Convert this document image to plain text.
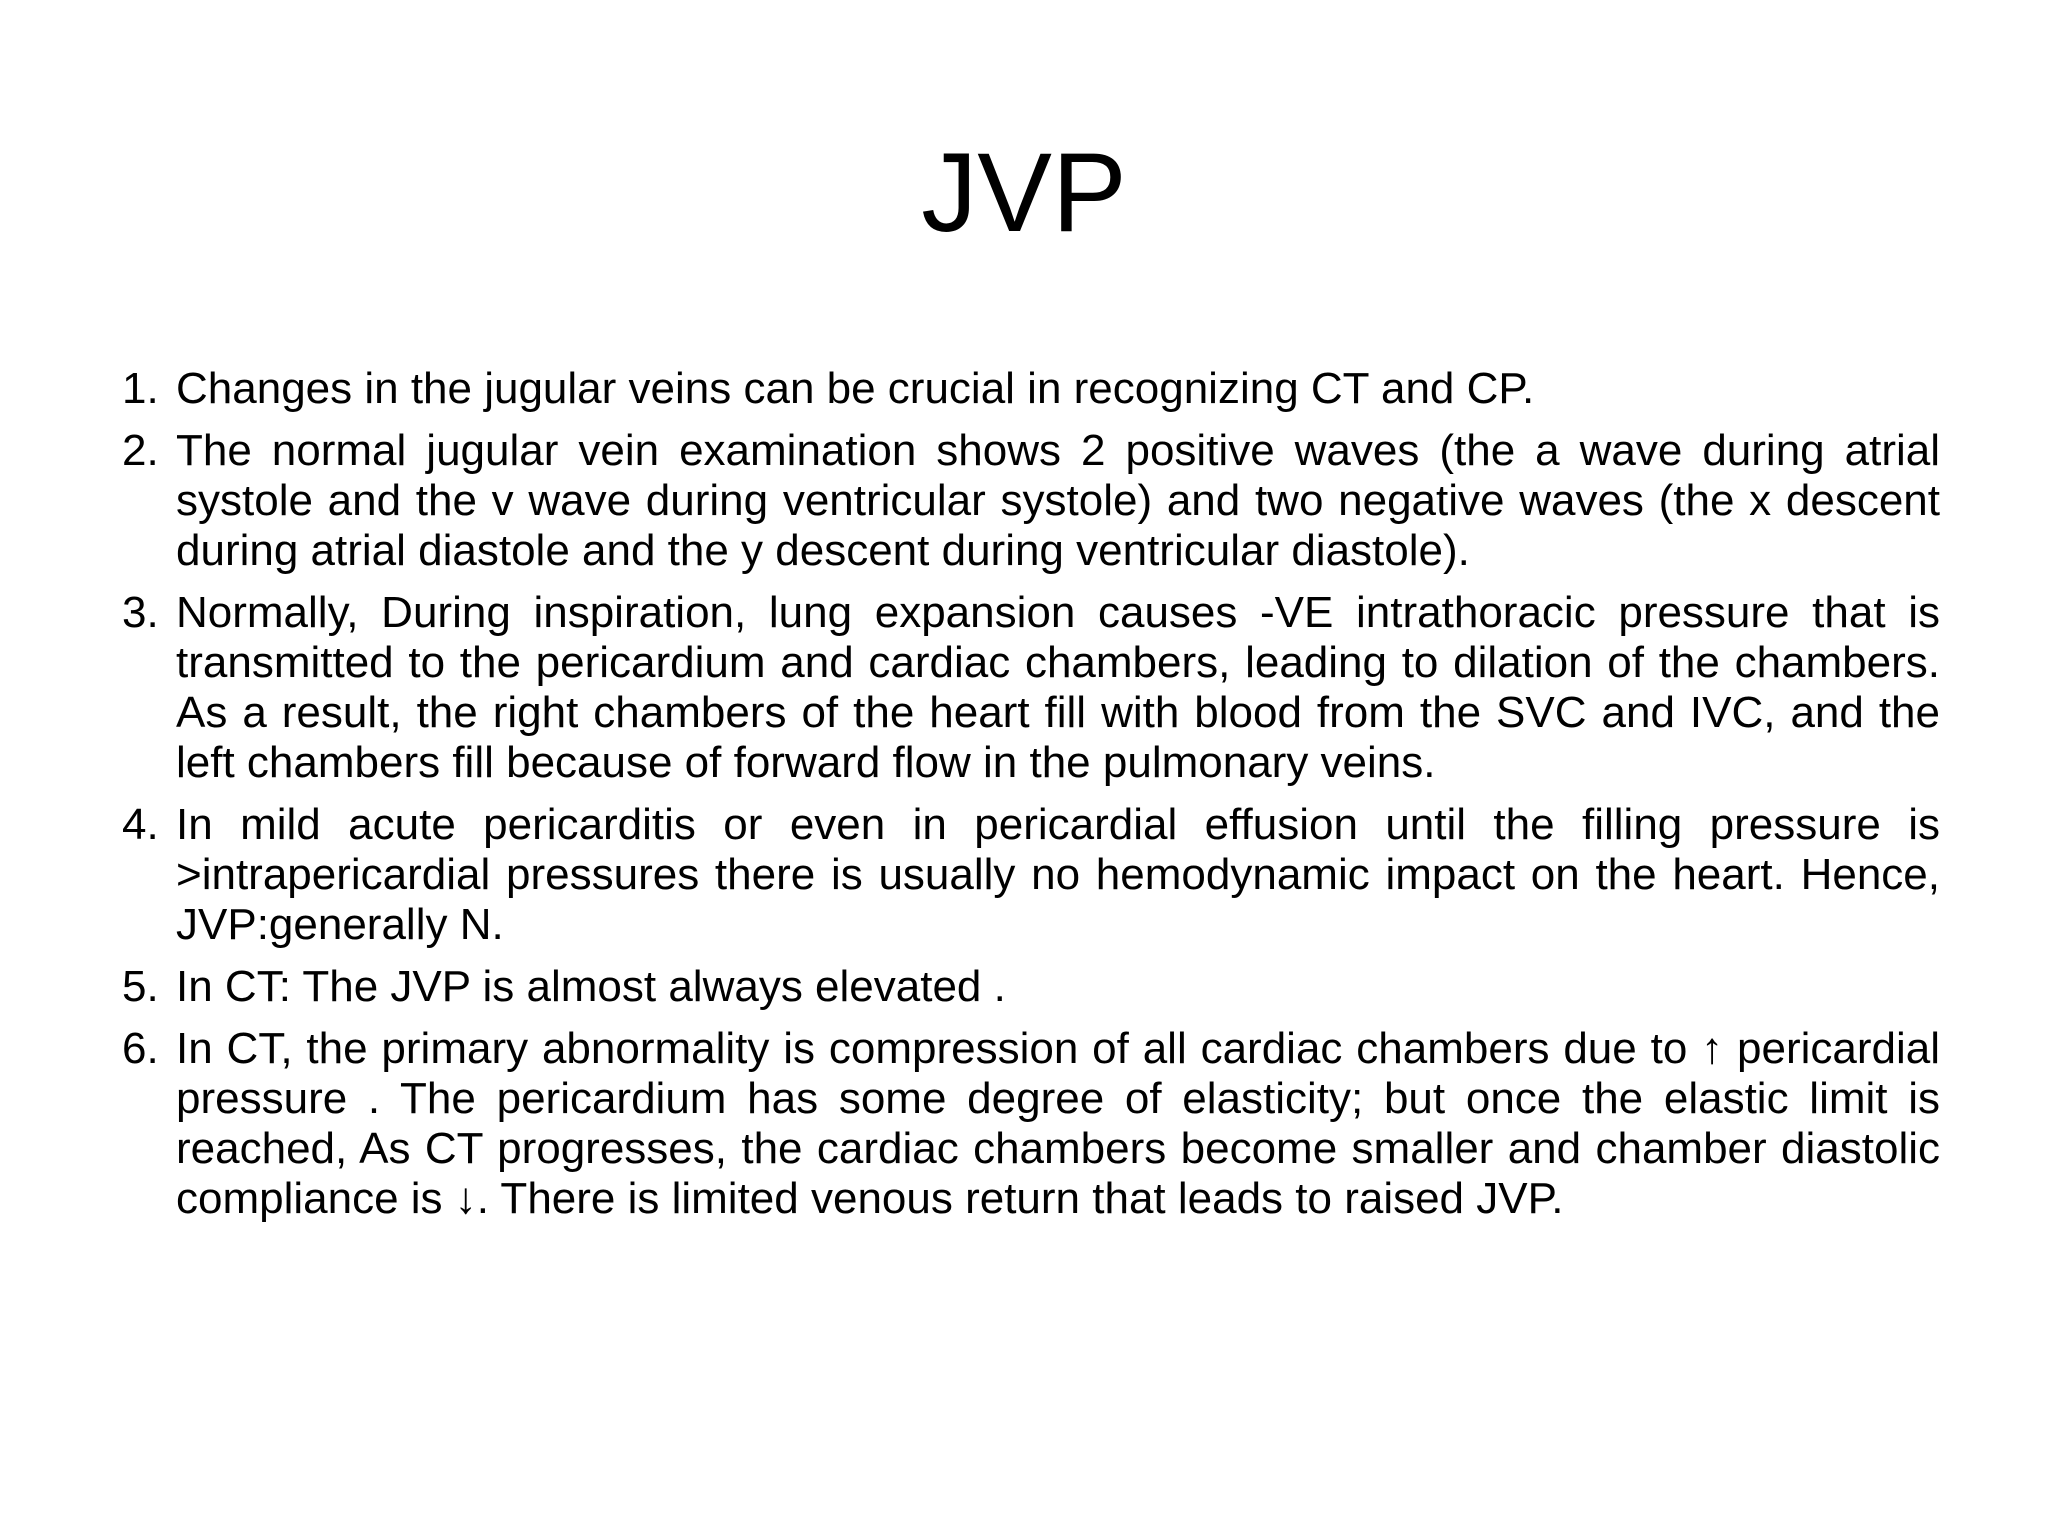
JVP
1. Changes in the jugular veins can be crucial in recognizing CT and CP.
2. The normal jugular vein examination shows 2 positive waves (the a wave during atrial systole and the v wave during ventricular systole) and two negative waves (the x descent during atrial diastole and the y descent during ventricular diastole).
3. Normally, During inspiration, lung expansion causes -VE intrathoracic pressure that is transmitted to the pericardium and cardiac chambers, leading to dilation of the chambers. As a result, the right chambers of the heart fill with blood from the SVC and IVC, and the left chambers fill because of forward flow in the pulmonary veins.
4. In mild acute pericarditis or even in pericardial effusion until the filling pressure is >intrapericardial pressures there is usually no hemodynamic impact on the heart. Hence, JVP:generally N.
5. In CT: The JVP is almost always elevated .
6. In CT, the primary abnormality is compression of all cardiac chambers due to ↑ pericardial pressure . The pericardium has some degree of elasticity; but once the elastic limit is reached, As CT progresses, the cardiac chambers become smaller and chamber diastolic compliance is ↓. There is limited venous return that leads to raised JVP.
